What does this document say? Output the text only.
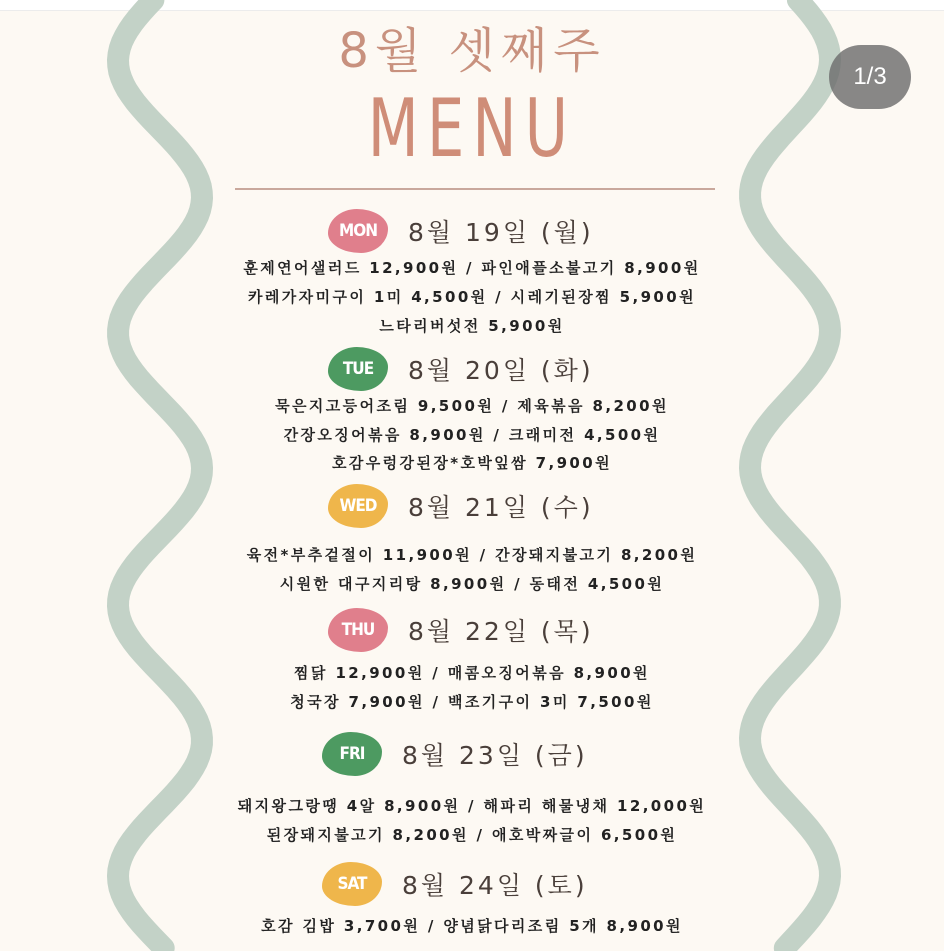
8월 셋째주
MENU
1/3
MON	8월 19일 (월)
훈제연어샐러드 12,900원 / 파인애플소불고기 8,900원
카레가자미구이 1미 4,500원 / 시레기된장찜 5,900원
느타리버섯전 5,900원
TUE	8월 20일 (화)
묵은지고등어조림 9,500원 / 제육볶음 8,200원
간장오징어볶음 8,900원 / 크래미전 4,500원
호감우렁강된장*호박잎쌈 7,900원
WED	8월 21일 (수)
육전*부추겉절이 11,900원 / 간장돼지불고기 8,200원
시원한 대구지리탕 8,900원 / 동태전 4,500원
THU	8월 22일 (목)
찜닭 12,900원 / 매콤오징어볶음 8,900원
청국장 7,900원 / 백조기구이 3미 7,500원
FRI	8월 23일 (금)
돼지왕그랑땡 4알 8,900원 / 해파리 해물냉채 12,000원
된장돼지불고기 8,200원 / 애호박짜글이 6,500원
SAT	8월 24일 (토)
호감 김밥 3,700원 / 양념닭다리조림 5개 8,900원
